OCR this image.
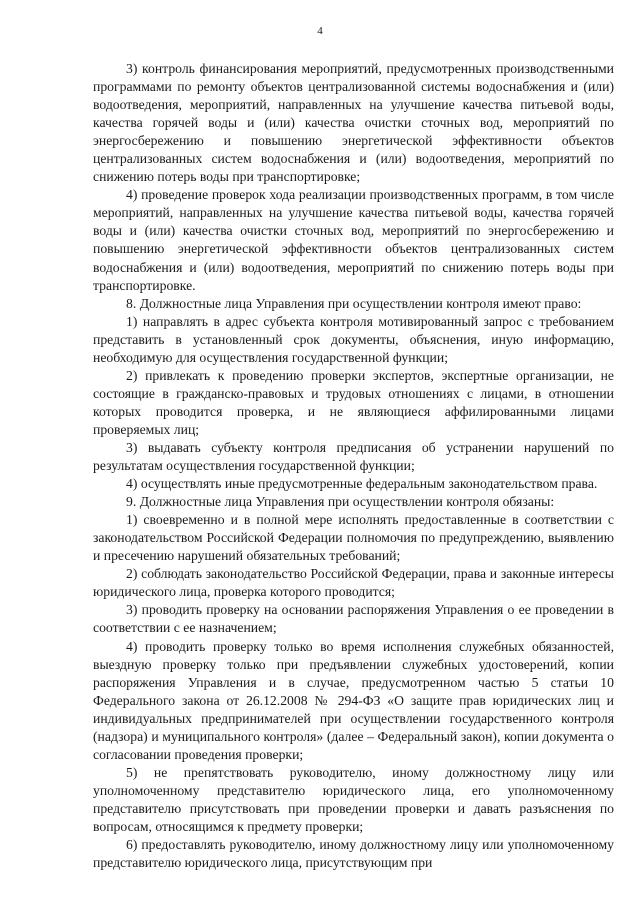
4

3) контроль финансирования мероприятий, предусмотренных производственными программами по ремонту объектов централизованной системы водоснабжения и (или) водоотведения, мероприятий, направленных на улучшение качества питьевой воды, качества горячей воды и (или) качества очистки сточных вод, мероприятий по энергосбережению и повышению энергетической эффективности объектов централизованных систем водоснабжения и (или) водоотведения, мероприятий по снижению потерь воды при транспортировке;

4) проведение проверок хода реализации производственных программ, в том числе мероприятий, направленных на улучшение качества питьевой воды, качества горячей воды и (или) качества очистки сточных вод, мероприятий по энергосбережению и повышению энергетической эффективности объектов централизованных систем водоснабжения и (или) водоотведения, мероприятий по снижению потерь воды при транспортировке.

8. Должностные лица Управления при осуществлении контроля имеют право:

1) направлять в адрес субъекта контроля мотивированный запрос с требованием представить в установленный срок документы, объяснения, иную информацию, необходимую для осуществления государственной функции;

2) привлекать к проведению проверки экспертов, экспертные организации, не состоящие в гражданско-правовых и трудовых отношениях с лицами, в отношении которых проводится проверка, и не являющиеся аффилированными лицами проверяемых лиц;

3) выдавать субъекту контроля предписания об устранении нарушений по результатам осуществления государственной функции;

4) осуществлять иные предусмотренные федеральным законодательством права.

9. Должностные лица Управления при осуществлении контроля обязаны:

1) своевременно и в полной мере исполнять предоставленные в соответствии с законодательством Российской Федерации полномочия по предупреждению, выявлению и пресечению нарушений обязательных требований;

2) соблюдать законодательство Российской Федерации, права и законные интересы юридического лица, проверка которого проводится;

3) проводить проверку на основании распоряжения Управления о ее проведении в соответствии с ее назначением;

4) проводить проверку только во время исполнения служебных обязанностей, выездную проверку только при предъявлении служебных удостоверений, копии распоряжения Управления и в случае, предусмотренном частью 5 статьи 10 Федерального закона от 26.12.2008 № 294-ФЗ «О защите прав юридических лиц и индивидуальных предпринимателей при осуществлении государственного контроля (надзора) и муниципального контроля» (далее – Федеральный закон), копии документа о согласовании проведения проверки;

5) не препятствовать руководителю, иному должностному лицу или уполномоченному представителю юридического лица, его уполномоченному представителю присутствовать при проведении проверки и давать разъяснения по вопросам, относящимся к предмету проверки;

6) предоставлять руководителю, иному должностному лицу или уполномоченному представителю юридического лица, присутствующим при
